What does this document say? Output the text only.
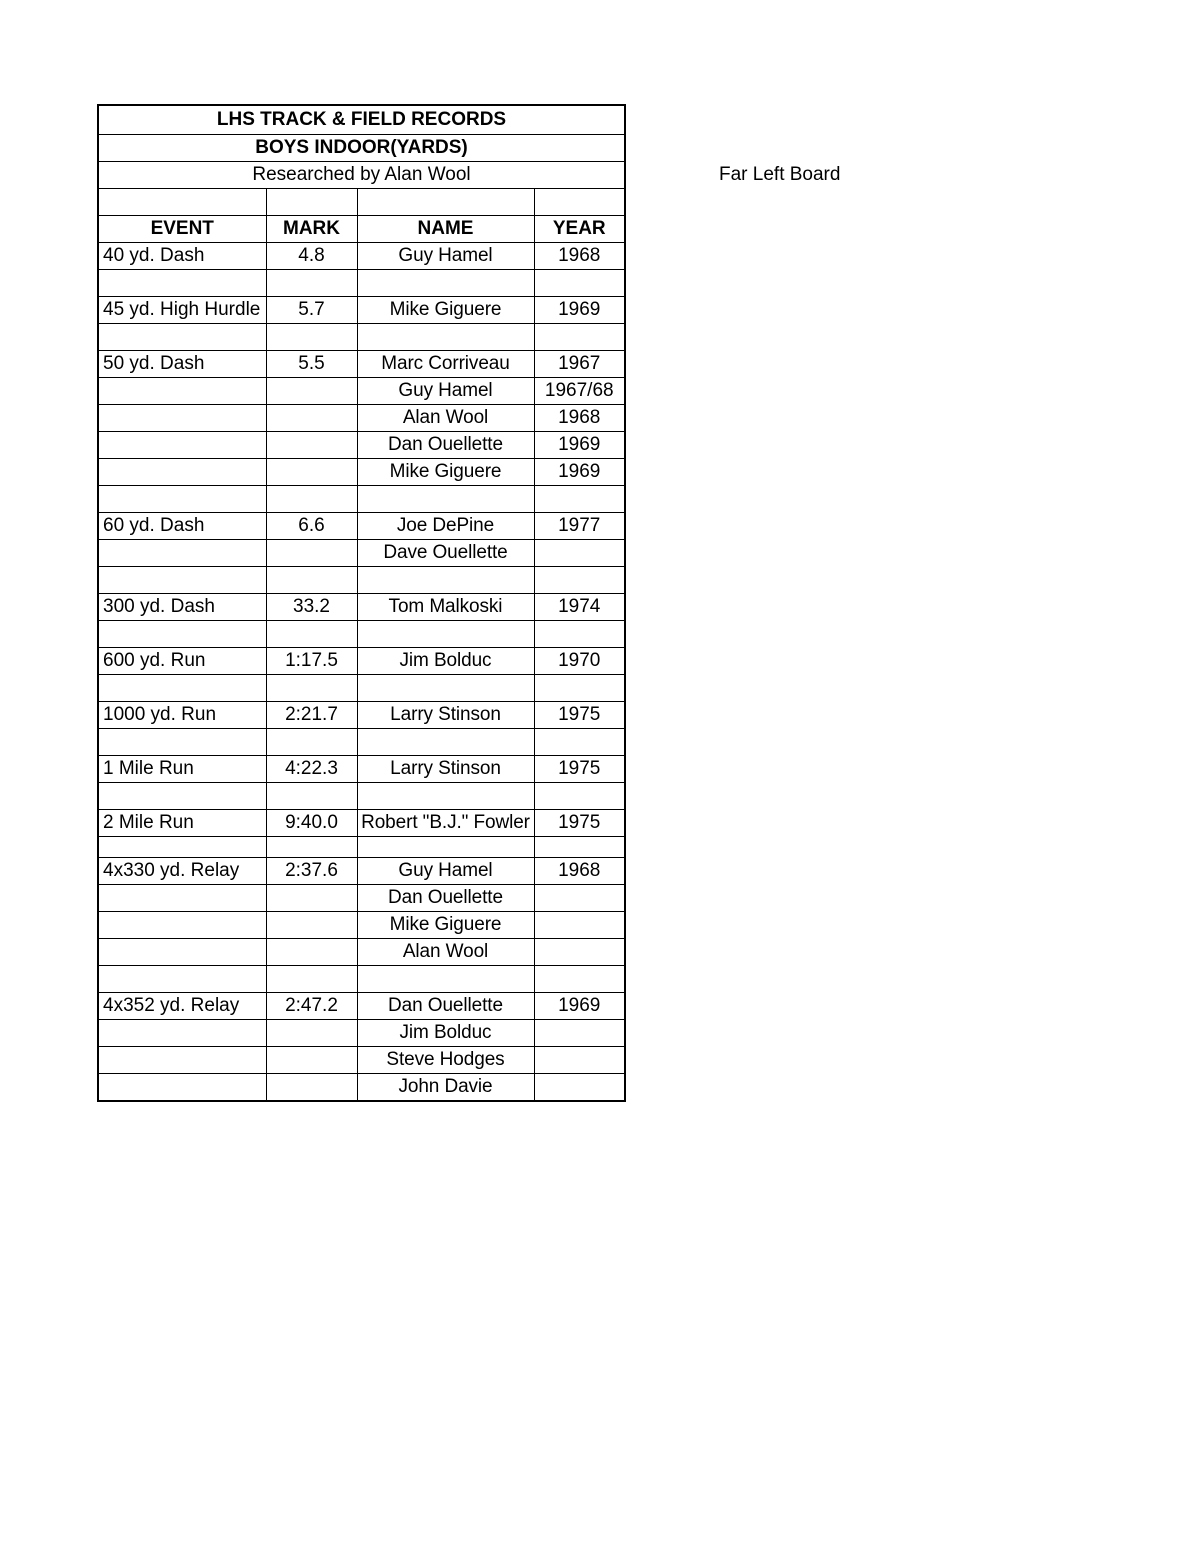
LHS TRACK & FIELD RECORDS			
BOYS INDOOR(YARDS)			
Researched by Alan Wool			

EVENT	MARK	NAME	YEAR
40 yd. Dash	4.8	Guy Hamel	1968

45 yd. High Hurdle	5.7	Mike Giguere	1969

50 yd. Dash	5.5	Marc Corriveau	1967
		Guy Hamel	1967/68
		Alan Wool	1968
		Dan Ouellette	1969
		Mike Giguere	1969

60 yd. Dash	6.6	Joe DePine	1977
		Dave Ouellette	

300 yd. Dash	33.2	Tom Malkoski	1974

600 yd. Run	1:17.5	Jim Bolduc	1970

1000 yd. Run	2:21.7	Larry Stinson	1975

1 Mile Run	4:22.3	Larry Stinson	1975

2 Mile Run	9:40.0	Robert "B.J." Fowler	1975

4x330 yd. Relay	2:37.6	Guy Hamel	1968
		Dan Ouellette	
		Mike Giguere	
		Alan Wool	

4x352 yd. Relay	2:47.2	Dan Ouellette	1969
		Jim Bolduc	
		Steve Hodges	
		John Davie	
Far Left Board
